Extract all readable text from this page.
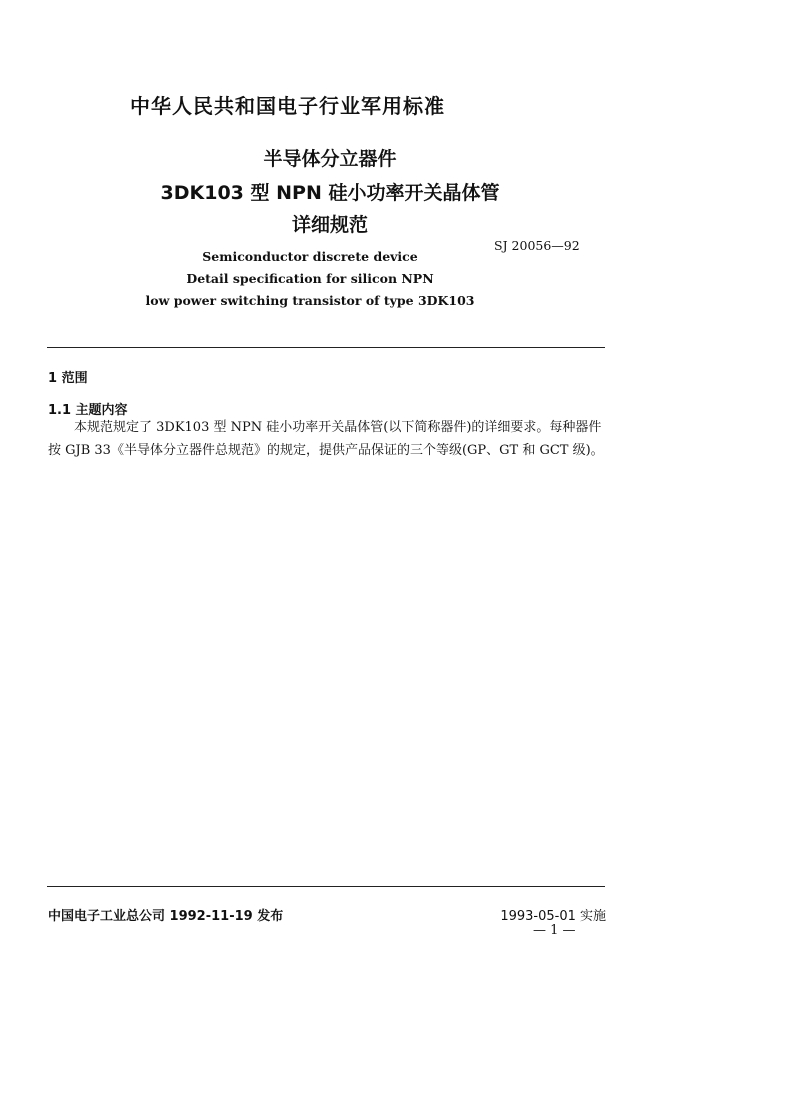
中华人民共和国电子行业军用标准
半导体分立器件
3DK103 型 NPN 硅小功率开关晶体管
详细规范
SJ 20056—92
Semiconductor discrete device
Detail specification for silicon NPN
low power switching transistor of type 3DK103
1 范围
1.1 主题内容
本规范规定了 3DK103 型 NPN 硅小功率开关晶体管(以下简称器件)的详细要求。每种器件按 GJB 33《半导体分立器件总规范》的规定，提供产品保证的三个等级(GP、GT 和 GCT 级)。
中国电子工业总公司 1992-11-19 发布	1993-05-01 实施
— 1 —
